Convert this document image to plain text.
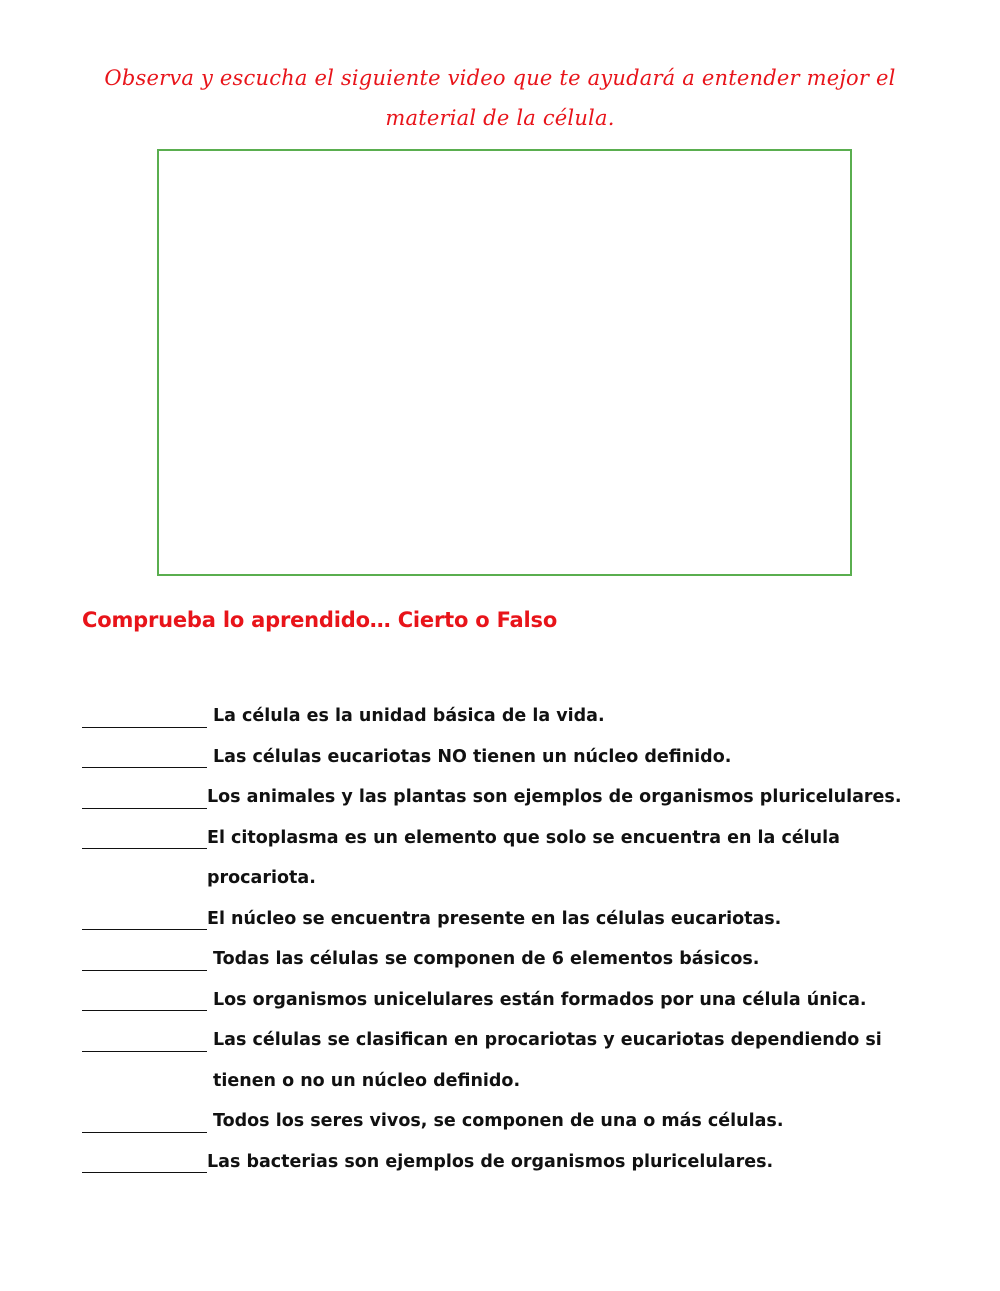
Observa y escucha el siguiente video que te ayudará a entender mejor el
material de la célula.
Comprueba lo aprendido… Cierto o Falso
La célula es la unidad básica de la vida.
Las células eucariotas NO tienen un núcleo definido.
Los animales y las plantas son ejemplos de organismos pluricelulares.
El citoplasma es un elemento que solo se encuentra en la célula
procariota.
El núcleo se encuentra presente en las células eucariotas.
Todas las células se componen de 6 elementos básicos.
Los organismos unicelulares están formados por una célula única.
Las células se clasifican en procariotas y eucariotas dependiendo si
tienen o no un núcleo definido.
Todos los seres vivos, se componen de una o más células.
Las bacterias son ejemplos de organismos pluricelulares.
